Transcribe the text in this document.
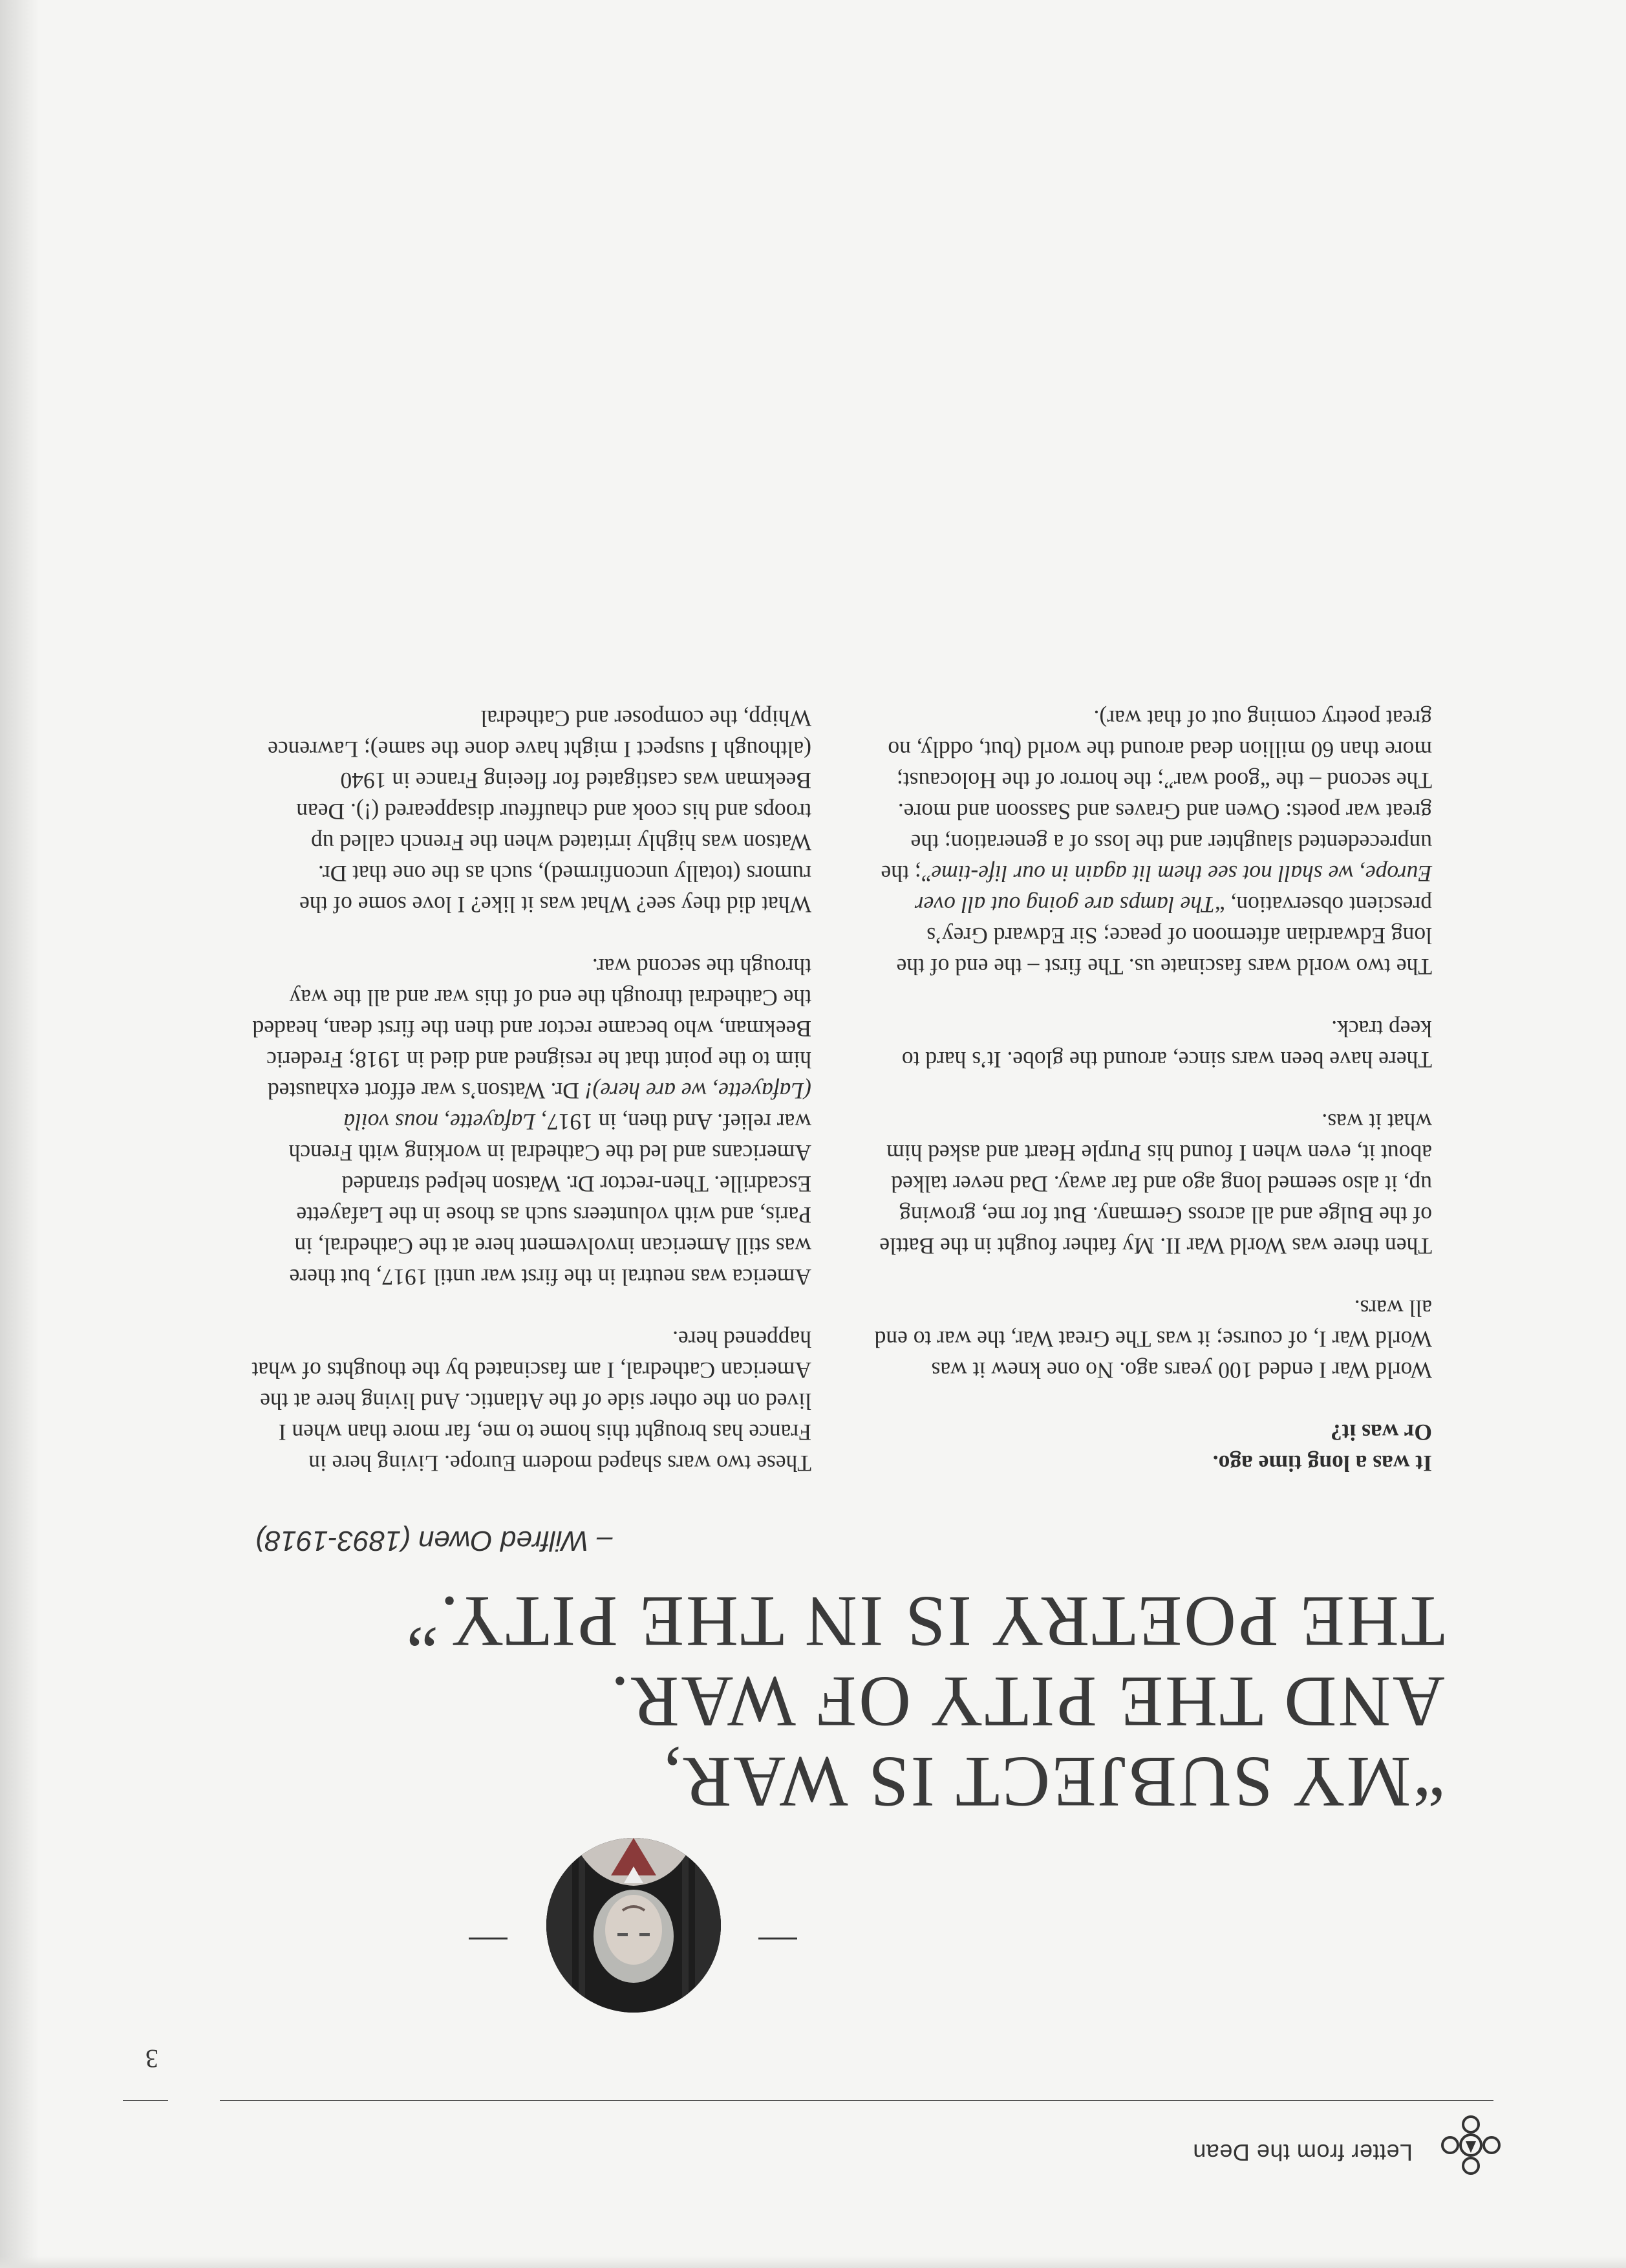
Letter from the Dean
3
“MY SUBJECT IS WAR,
AND THE PITY OF WAR.
THE POETRY IS IN THE PITY.”
– Wilfred Owen (1893-1918)

It was a long time ago.

Or was it?

World War I ended 100 years ago. No one knew it was World War I, of course; it was The Great War, the war to end all wars.

Then there was World War II. My father fought in the Battle of the Bulge and all across Germany. But for me, growing up, it also seemed long ago and far away. Dad never talked about it, even when I found his Purple Heart and asked him what it was.

There have been wars since, around the globe. It’s hard to keep track.

The two world wars fascinate us. The first – the end of the long Edwardian afternoon of peace; Sir Edward Grey’s prescient observation, “The lamps are going out all over Europe, we shall not see them lit again in our life-time”; the unprecedented slaughter and the loss of a generation; the great war poets: Owen and Graves and Sassoon and more. The second – the “good war”; the horror of the Holocaust; more than 60 million dead around the world (but, oddly, no great poetry coming out of that war).

These two wars shaped modern Europe. Living here in France has brought this home to me, far more than when I lived on the other side of the Atlantic. And living here at the American Cathedral, I am fascinated by the thoughts of what happened here.

America was neutral in the first war until 1917, but there was still American involvement here at the Cathedral, in Paris, and with volunteers such as those in the Lafayette Escadrille. Then-rector Dr. Watson helped stranded Americans and led the Cathedral in working with French war relief. And then, in 1917, Lafayette, nous voilà (Lafayette, we are here)! Dr. Watson’s war effort exhausted him to the point that he resigned and died in 1918; Frederic Beekman, who became rector and then the first dean, headed the Cathedral through the end of this war and all the way through the second war.

What did they see? What was it like? I love some of the rumors (totally unconfirmed), such as the one that Dr. Watson was highly irritated when the French called up troops and his cook and chauffeur disappeared (!). Dean Beekman was castigated for fleeing France in 1940 (although I suspect I might have done the same); Lawrence Whipp, the composer and Cathedral
